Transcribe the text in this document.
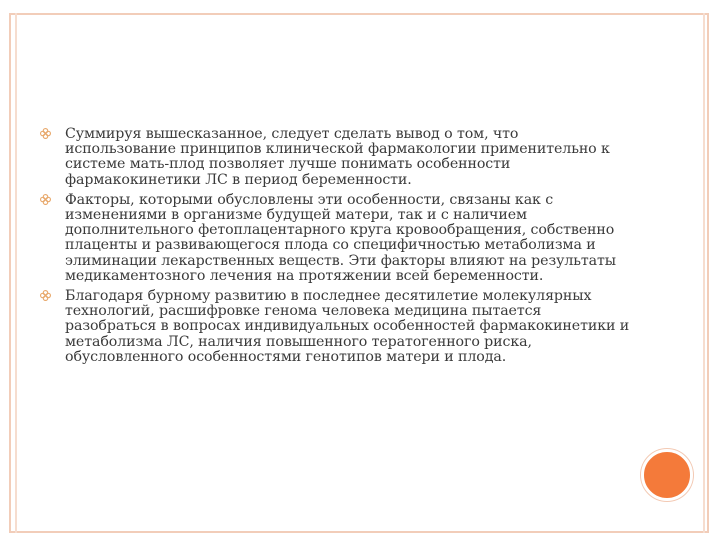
Суммируя вышесказанное, следует сделать вывод о том, что использование принципов клинической фармакологии применительно к системе мать-плод позволяет лучше понимать особенности фармакокинетики ЛС в период беременности.
Факторы, которыми обусловлены эти особенности, связаны как с изменениями в организме будущей матери, так и с наличием дополнительного фетоплацентарного круга кровообращения, собственно плаценты и развивающегося плода со специфичностью метаболизма и элиминации лекарственных веществ. Эти факторы влияют на результаты медикаментозного лечения на протяжении всей беременности.
Благодаря бурному развитию в последнее десятилетие молекулярных технологий, расшифровке генома человека медицина пытается разобраться в вопросах индивидуальных особенностей фармакокинетики и метаболизма ЛС, наличия повышенного тератогенного риска, обусловленного особенностями генотипов матери и плода.
